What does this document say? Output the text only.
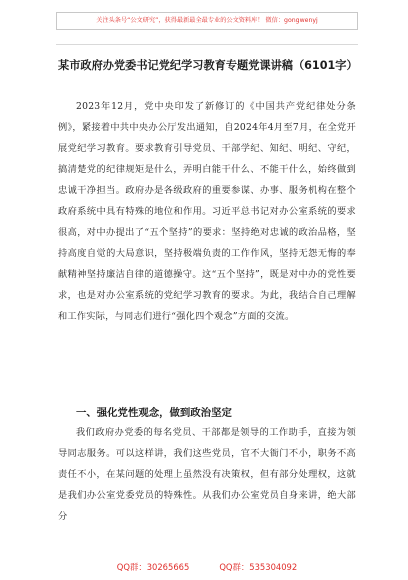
关注头条号“公文研究”，获得最新最全最专业的公文资料库！ 微信：gongwenyj
某市政府办党委书记党纪学习教育专题党课讲稿（6101字）

2023年12月，党中央印发了新修订的《中国共产党纪律处分条例》，紧接着中共中央办公厅发出通知，自2024年4月至7月，在全党开展党纪学习教育。要求教育引导党员、干部学纪、知纪、明纪、守纪，搞清楚党的纪律规矩是什么，弄明白能干什么、不能干什么，始终做到忠诚干净担当。政府办是各级政府的重要参谋、办事、服务机构在整个政府系统中具有特殊的地位和作用。习近平总书记对办公室系统的要求很高，对中办提出了“五个坚持”的要求：坚持绝对忠诚的政治品格，坚持高度自觉的大局意识，坚持极端负责的工作作风，坚持无怨无悔的奉献精神坚持廉洁自律的道德操守。这“五个坚持”，既是对中办的党性要求，也是对办公室系统的党纪学习教育的要求。为此，我结合自己理解和工作实际，与同志们进行“强化四个观念”方面的交流。

一、强化党性观念，做到政治坚定

我们政府办党委的每名党员、干部都是领导的工作助手，直接为领导同志服务。可以这样讲，我们这些党员，官不大衙门不小，职务不高责任不小，在某问题的处理上虽然没有决策权，但有部分处理权，这就是我们办公室党委党员的特殊性。从我们办公室党员自身来讲，绝大部分

QQ群：30265665	QQ群：535304092
